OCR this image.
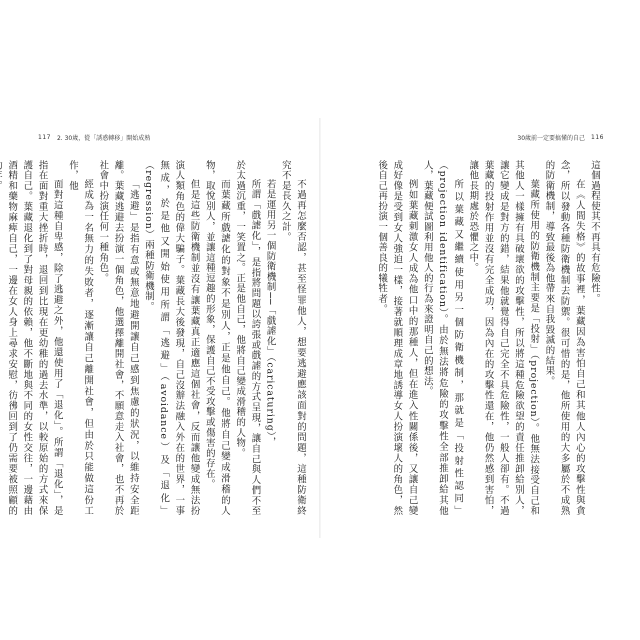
117 2. 30歲，從「誘惑轉移」開始成熟	30歲前一定要搞懂的自己 116

這個過程使其不再具有危險性。

在《人間失格》的故事裡，葉藏因為害怕自己和其他人內心的攻擊性與貪念，所以發動各種防衛機制去防禦。很可惜的是，他所使用的大多屬於不成熟的防衛機制，導致最後為他帶來自我毀滅的結果。

葉藏所使用的防衛機制主要是「投射」（projection）。他無法接受自己和其他人一樣擁有具破壞欲的攻擊性，所以將這種危險欲望的責任推卸給別人，讓它變成是對方的錯，結果他就覺得自己完全不具危險性，一般人卻有。不過葉藏的投射作用並沒有完全成功，因為內在的攻擊性還在，他仍然感到害怕，讓他長期處於恐懼之中。

所以葉藏又繼續使用另一個防衛機制，那就是「投射性認同」（projection identification）。由於無法將危險的攻擊性全部推卸給其他人，葉藏便試圖利用他人的行為來證明自己的想法。

例如葉藏刺激女人成為他口中的那種人，但在進入性關係後，又讓自己變成好像是受到女人強迫一樣，接著就順理成章地誘導女人扮演壞人的角色，然後自己再扮演一個善良的犧牲者。

不過再怎麼否認，甚至怪罪他人，想要逃避應該面對的問題，這種防衛終究不是長久之計。

若是運用另一個防衛機制──「戲謔化」（caricaturing），

所謂「戲謔化」，是指將問題以誇張或戲謔的方式呈現，讓自己與人們不至於太過沉重，一笑置之。正是他自己，他將自己變成滑稽的人物。

而葉藏所戲謔化的對象不是別人，正是他自己。他將自己變成滑稽的人物，取悅別人，並讓這種逗趣的形象，保護自己不受攻擊或傷害的存在。

但是這些防衛機制並沒有讓葉藏真正適應這個社會，反而讓他變成無法扮演人類角色的偉大騙子。葉藏長大後發現，自己沒辦法融入外在的世界，一事無成，於是他又開始使用所謂「逃避」（avoidance）及「退化」（regression）兩種防衛機制。

「逃避」是指有意或無意地避開讓自己感到焦慮的狀況，以維持安全距離。葉藏逃避去扮演一個角色，他選擇離開社會，不願意走入社會，也不再於社會中扮演任何一種角色。

經成為一名無力的失敗者，逐漸讓自己離開社會，但由於只能做這份工作，他

面對這種自卑感，除了逃避之外，他還使用了「退化」。所謂「退化」，是指在面對重大挫折時，退回到比現在更幼稚的過去水準，以較原始的方式來保護自己。葉藏退化到了對母親的依賴，他不斷地與不同的女性交往，一邊藉由酒精和藥物麻痺自己，一邊在女人身上尋求安慰，彷彿回到了仍需要被照顧的
